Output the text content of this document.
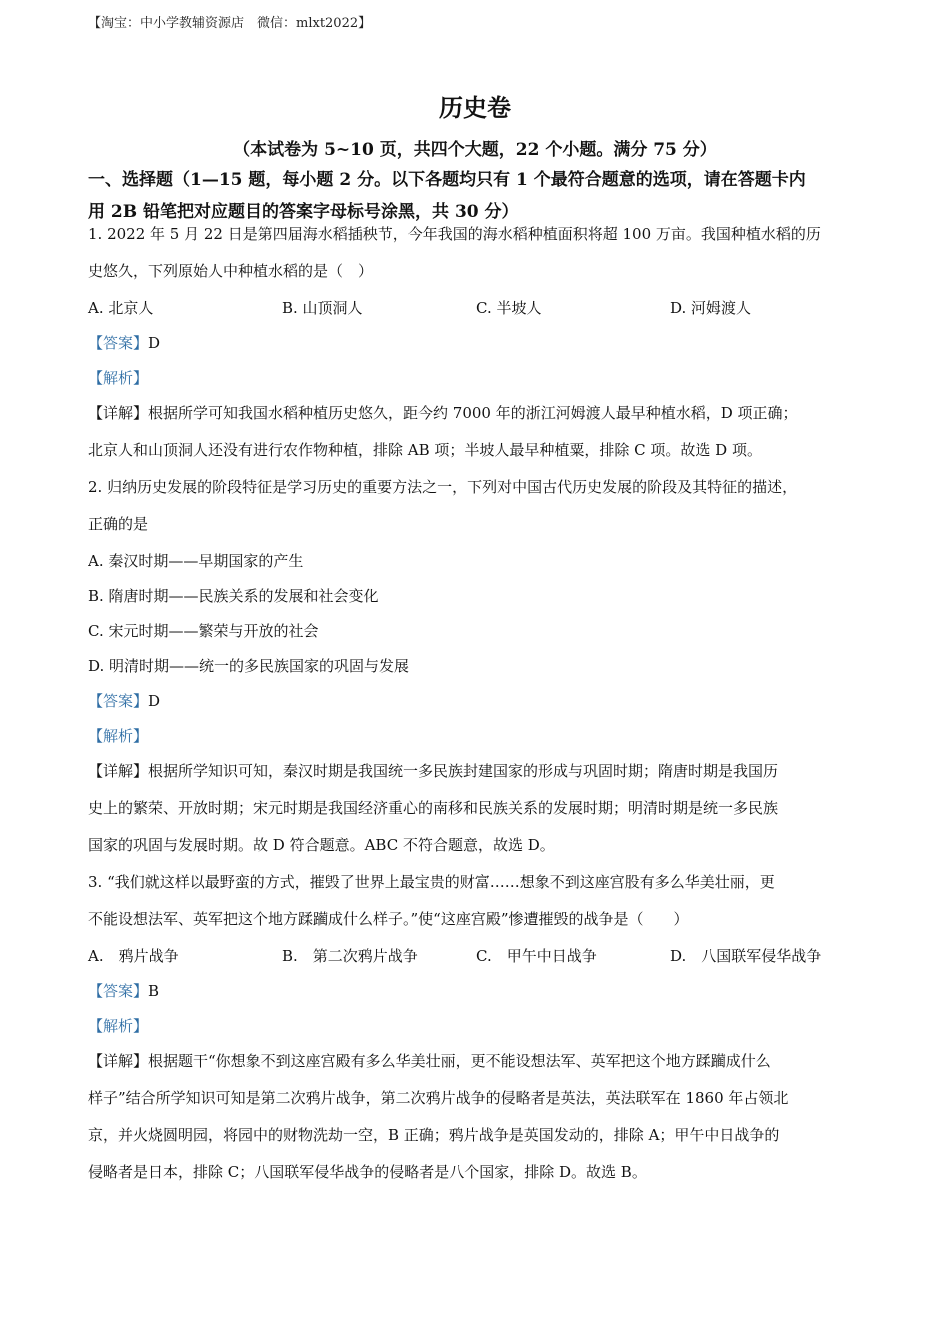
【淘宝：中小学教辅资源店　微信：mlxt2022】
历史卷
（本试卷为 5~10 页，共四个大题，22 个小题。满分 75 分）
一、选择题（1—15 题，每小题 2 分。以下各题均只有 1 个最符合题意的选项，请在答题卡内
用 2B 铅笔把对应题目的答案字母标号涂黑，共 30 分）
1. 2022 年 5 月 22 日是第四届海水稻插秧节，今年我国的海水稻种植面积将超 100 万亩。我国种植水稻的历
史悠久，下列原始人中种植水稻的是（　）
A. 北京人	B. 山顶洞人	C. 半坡人	D. 河姆渡人
【答案】D
【解析】
【详解】根据所学可知我国水稻种植历史悠久，距今约 7000 年的浙江河姆渡人最早种植水稻，D 项正确；
北京人和山顶洞人还没有进行农作物种植，排除 AB 项；半坡人最早种植粟，排除 C 项。故选 D 项。
2. 归纳历史发展的阶段特征是学习历史的重要方法之一，下列对中国古代历史发展的阶段及其特征的描述，
正确的是
A. 秦汉时期——早期国家的产生
B. 隋唐时期——民族关系的发展和社会变化
C. 宋元时期——繁荣与开放的社会
D. 明清时期——统一的多民族国家的巩固与发展
【答案】D
【解析】
【详解】根据所学知识可知，秦汉时期是我国统一多民族封建国家的形成与巩固时期；隋唐时期是我国历
史上的繁荣、开放时期；宋元时期是我国经济重心的南移和民族关系的发展时期；明清时期是统一多民族
国家的巩固与发展时期。故 D 符合题意。ABC 不符合题意，故选 D。
3. “我们就这样以最野蛮的方式，摧毁了世界上最宝贵的财富……想象不到这座宫股有多么华美壮丽，更
不能设想法军、英军把这个地方蹂躏成什么样子。”使“这座宫殿”惨遭摧毁的战争是（　　）
A.　鸦片战争	B.　第二次鸦片战争	C.　甲午中日战争	D.　八国联军侵华战争
【答案】B
【解析】
【详解】根据题干“你想象不到这座宫殿有多么华美壮丽，更不能设想法军、英军把这个地方蹂躏成什么
样子”结合所学知识可知是第二次鸦片战争，第二次鸦片战争的侵略者是英法，英法联军在 1860 年占领北
京，并火烧圆明园，将园中的财物洗劫一空，B 正确；鸦片战争是英国发动的，排除 A；甲午中日战争的
侵略者是日本，排除 C；八国联军侵华战争的侵略者是八个国家，排除 D。故选 B。
